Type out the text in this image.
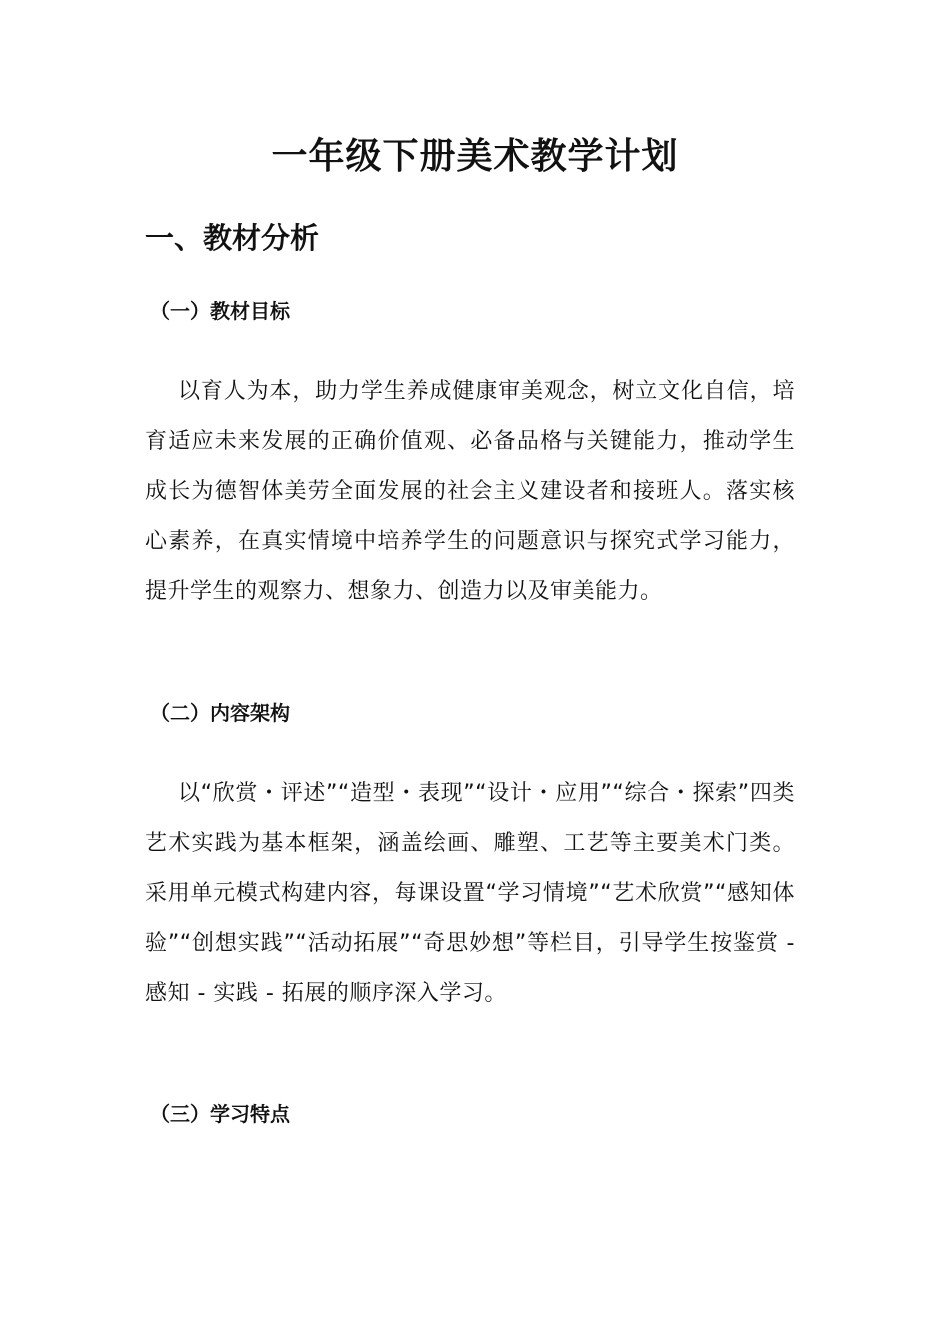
一年级下册美术教学计划
一、教材分析
（一）教材目标

以育人为本，助力学生养成健康审美观念，树立文化自信，培育适应未来发展的正确价值观、必备品格与关键能力，推动学生成长为德智体美劳全面发展的社会主义建设者和接班人。落实核心素养，在真实情境中培养学生的问题意识与探究式学习能力，提升学生的观察力、想象力、创造力以及审美能力。

（二）内容架构

以“欣赏・评述”“造型・表现”“设计・应用”“综合・探索”四类艺术实践为基本框架，涵盖绘画、雕塑、工艺等主要美术门类。采用单元模式构建内容，每课设置“学习情境”“艺术欣赏”“感知体验”“创想实践”“活动拓展”“奇思妙想”等栏目，引导学生按鉴赏 - 感知 - 实践 - 拓展的顺序深入学习。

（三）学习特点
